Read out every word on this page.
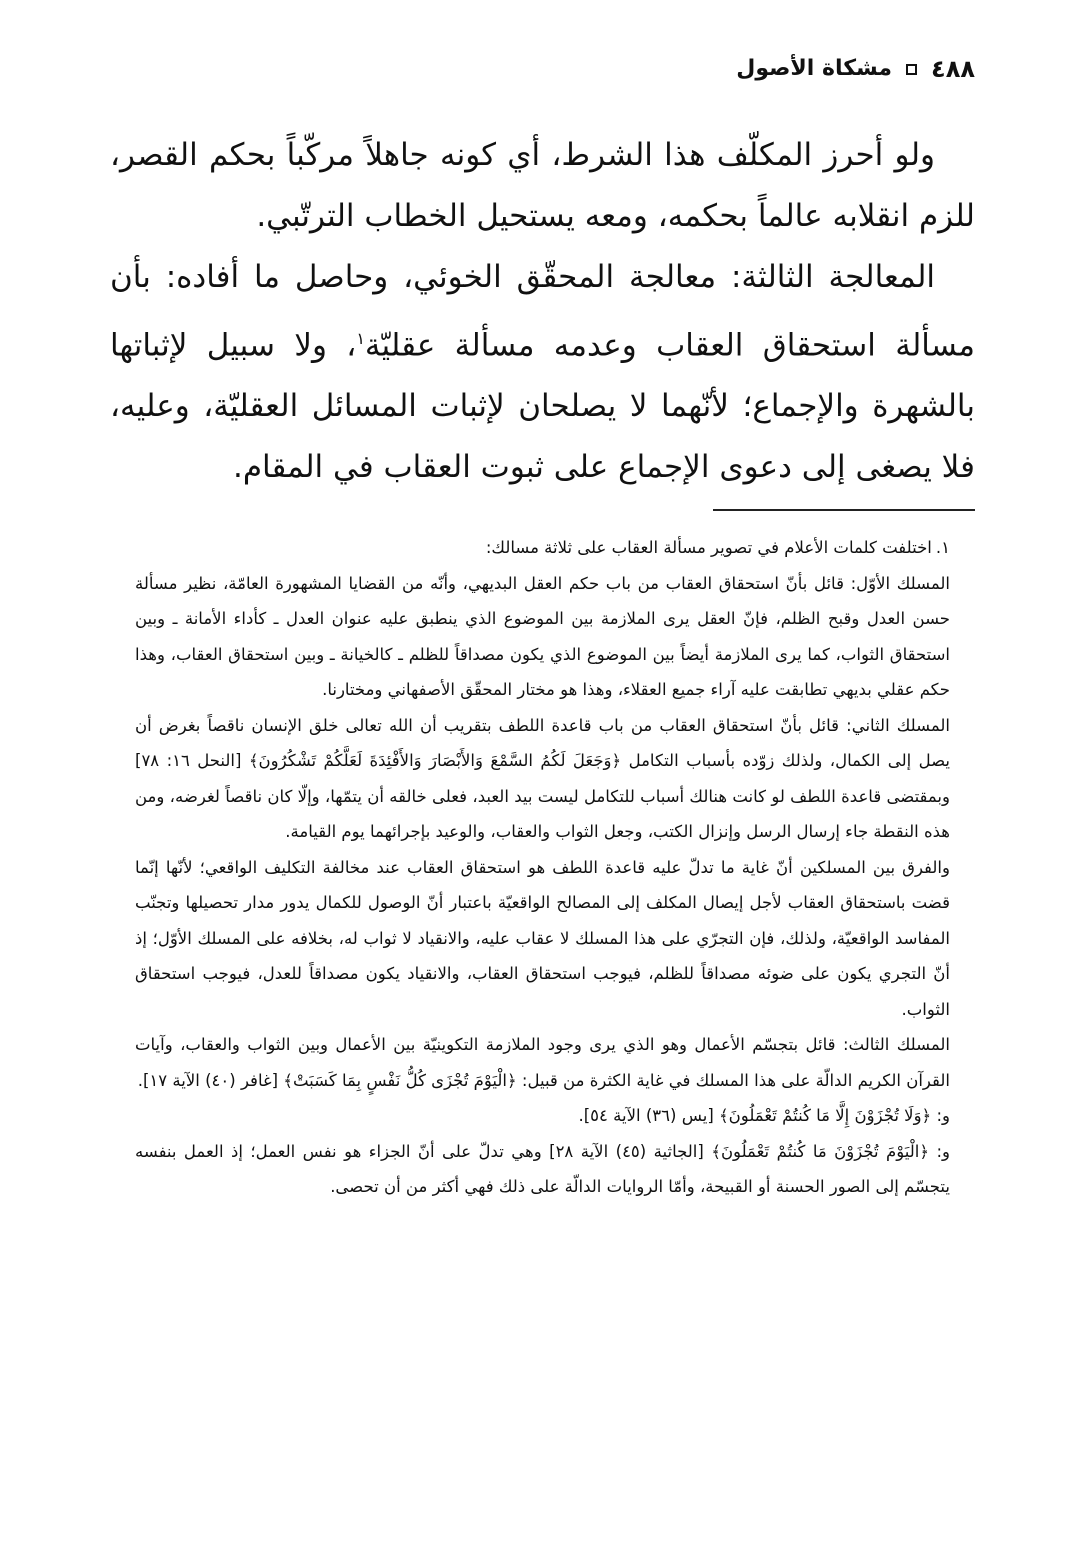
٤٨٨
مشكاة الأصول

ولو أحرز المكلّف هذا الشرط، أي كونه جاهلاً مركّباً بحكم القصر، للزم انقلابه عالماً بحكمه، ومعه يستحيل الخطاب الترتّبي.

المعالجة الثالثة: معالجة المحقّق الخوئي، وحاصل ما أفاده: بأن مسألة استحقاق العقاب وعدمه مسألة عقليّة$^١$، ولا سبيل لإثباتها بالشهرة والإجماع؛ لأنّهما لا يصلحان لإثبات المسائل العقليّة، وعليه، فلا يصغى إلى دعوى الإجماع على ثبوت العقاب في المقام.

١.اختلفت كلمات الأعلام في تصوير مسألة العقاب على ثلاثة مسالك:

المسلك الأوّل: قائل بأنّ استحقاق العقاب من باب حكم العقل البديهي، وأنّه من القضايا المشهورة العامّة، نظير مسألة حسن العدل وقبح الظلم، فإنّ العقل يرى الملازمة بين الموضوع الذي ينطبق عليه عنوان العدل ـ كأداء الأمانة ـ وبين استحقاق الثواب، كما يرى الملازمة أيضاً بين الموضوع الذي يكون مصداقاً للظلم ـ كالخيانة ـ وبين استحقاق العقاب، وهذا حكم عقلي بديهي تطابقت عليه آراء جميع العقلاء، وهذا هو مختار المحقّق الأصفهاني ومختارنا.

المسلك الثاني: قائل بأنّ استحقاق العقاب من باب قاعدة اللطف بتقريب أن الله تعالى خلق الإنسان ناقصاً بغرض أن يصل إلى الكمال، ولذلك زوّده بأسباب التكامل ﴿وَجَعَلَ لَكُمُ السَّمْعَ وَالأَبْصَارَ وَالأَفْئِدَةَ لَعَلَّكُمْ تَشْكُرُونَ﴾ [النحل ١٦: ٧٨] وبمقتضى قاعدة اللطف لو كانت هنالك أسباب للتكامل ليست بيد العبد، فعلى خالقه أن يتمّها، وإلّا كان ناقصاً لغرضه، ومن هذه النقطة جاء إرسال الرسل وإنزال الكتب، وجعل الثواب والعقاب، والوعيد بإجرائهما يوم القيامة.

والفرق بين المسلكين أنّ غاية ما تدلّ عليه قاعدة اللطف هو استحقاق العقاب عند مخالفة التكليف الواقعي؛ لأنّها إنّما قضت باستحقاق العقاب لأجل إيصال المكلف إلى المصالح الواقعيّة باعتبار أنّ الوصول للكمال يدور مدار تحصيلها وتجنّب المفاسد الواقعيّة، ولذلك، فإن التجرّي على هذا المسلك لا عقاب عليه، والانقياد لا ثواب له، بخلافه على المسلك الأوّل؛ إذ أنّ التجري يكون على ضوئه مصداقاً للظلم، فيوجب استحقاق العقاب، والانقياد يكون مصداقاً للعدل، فيوجب استحقاق الثواب.

المسلك الثالث: قائل بتجسّم الأعمال وهو الذي يرى وجود الملازمة التكوينيّة بين الأعمال وبين الثواب والعقاب، وآيات القرآن الكريم الدالّة على هذا المسلك في غاية الكثرة من قبيل: ﴿الْيَوْمَ تُجْزَى كُلُّ نَفْسٍ بِمَا كَسَبَتْ﴾ [غافر (٤٠) الآية ١٧].

و: ﴿وَلَا تُجْزَوْنَ إِلَّا مَا كُنتُمْ تَعْمَلُونَ﴾ [يس (٣٦) الآية ٥٤].

و: ﴿الْيَوْمَ تُجْزَوْنَ مَا كُنتُمْ تَعْمَلُونَ﴾ [الجاثية (٤٥) الآية ٢٨] وهي تدلّ على أنّ الجزاء هو نفس العمل؛ إذ العمل بنفسه يتجسّم إلى الصور الحسنة أو القبيحة، وأمّا الروايات الدالّة على ذلك فهي أكثر من أن تحصى.
